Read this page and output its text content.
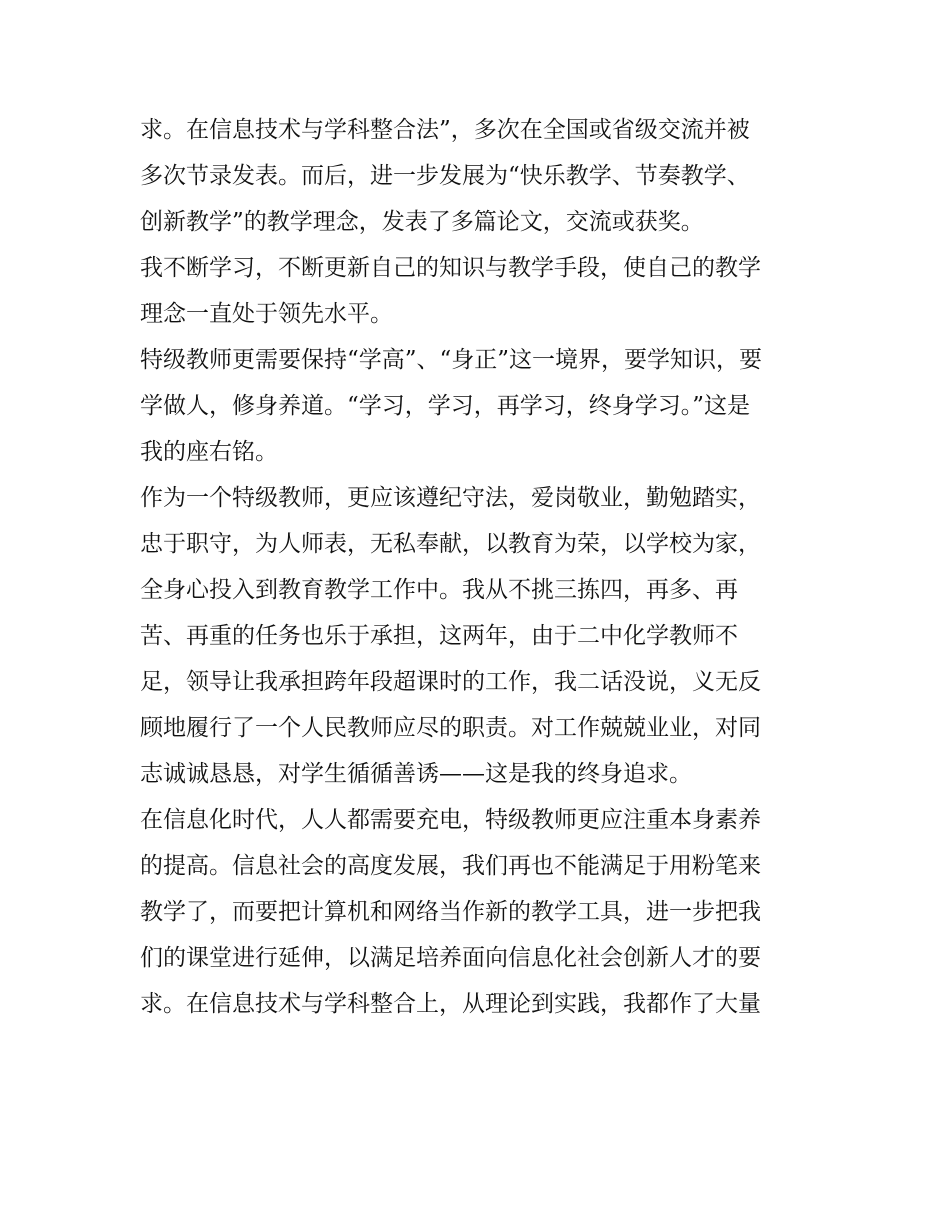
求。在信息技术与学科整合法”，多次在全国或省级交流并被
多次节录发表。而后，进一步发展为“快乐教学、节奏教学、
创新教学”的教学理念，发表了多篇论文，交流或获奖。
我不断学习，不断更新自己的知识与教学手段，使自己的教学
理念一直处于领先水平。
特级教师更需要保持“学高”、“身正”这一境界，要学知识，要
学做人，修身养道。“学习，学习，再学习，终身学习。”这是
我的座右铭。
作为一个特级教师，更应该遵纪守法，爱岗敬业，勤勉踏实，
忠于职守，为人师表，无私奉献，以教育为荣，以学校为家，
全身心投入到教育教学工作中。我从不挑三拣四，再多、再
苦、再重的任务也乐于承担，这两年，由于二中化学教师不
足，领导让我承担跨年段超课时的工作，我二话没说，义无反
顾地履行了一个人民教师应尽的职责。对工作兢兢业业，对同
志诚诚恳恳，对学生循循善诱——这是我的终身追求。
在信息化时代，人人都需要充电，特级教师更应注重本身素养
的提高。信息社会的高度发展，我们再也不能满足于用粉笔来
教学了，而要把计算机和网络当作新的教学工具，进一步把我
们的课堂进行延伸，以满足培养面向信息化社会创新人才的要
求。在信息技术与学科整合上，从理论到实践，我都作了大量
